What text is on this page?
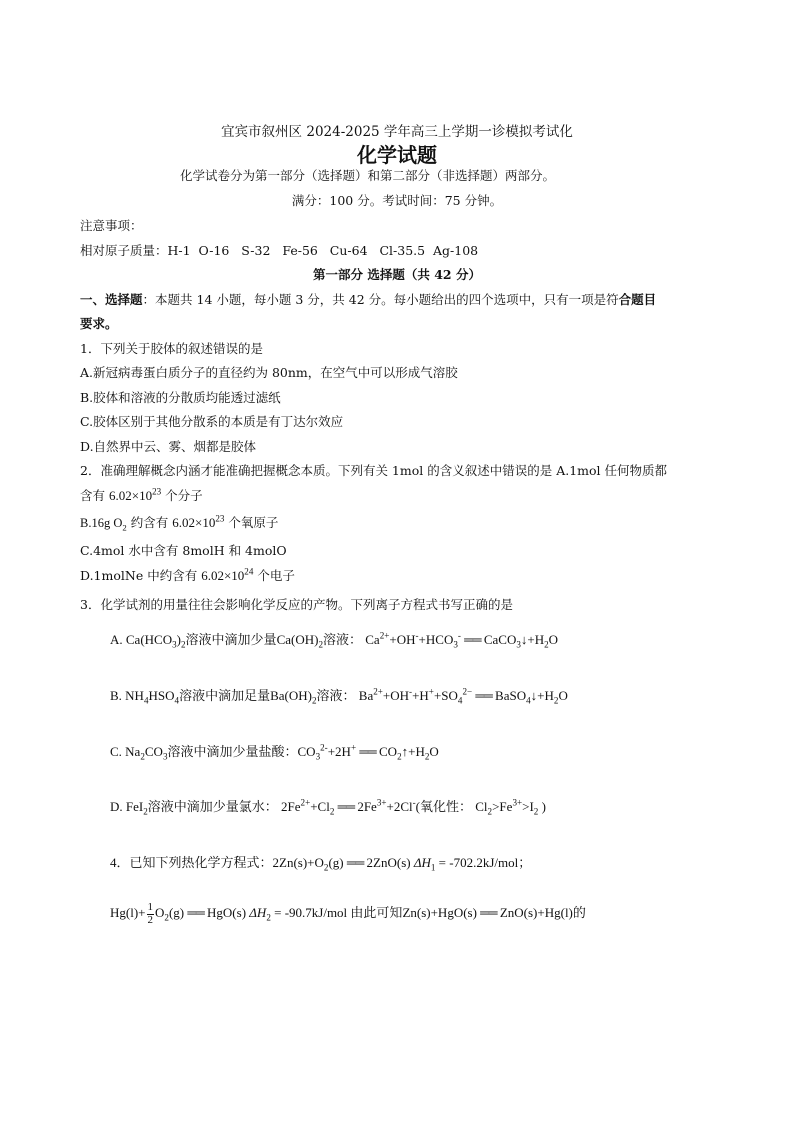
宜宾市叙州区 2024-2025 学年高三上学期一诊模拟考试化
化学试题
化学试卷分为第一部分（选择题）和第二部分（非选择题）两部分。
满分：100 分。考试时间：75 分钟。
注意事项：
相对原子质量：H-1  O-16   S-32   Fe-56   Cu-64   Cl-35.5  Ag-108
第一部分 选择题（共 42 分）
一、选择题：本题共 14 小题，每小题 3 分，共 42 分。每小题给出的四个选项中，只有一项是符合题目
要求。
1．下列关于胶体的叙述错误的是
A.新冠病毒蛋白质分子的直径约为 80nm，在空气中可以形成气溶胶
B.胶体和溶液的分散质均能透过滤纸
C.胶体区别于其他分散系的本质是有丁达尔效应
D.自然界中云、雾、烟都是胶体
2．准确理解概念内涵才能准确把握概念本质。下列有关 1mol 的含义叙述中错误的是 A.1mol 任何物质都
含有 $6.02\times 10^{23}$ 个分子
B.16g $O_2$ 约含有 $6.02\times 10^{23}$ 个氧原子
C.4mol 水中含有 8molH 和 4molO
D.1molNe 中约含有 $6.02\times 10^{24}$ 个电子
3．化学试剂的用量往往会影响化学反应的产物。下列离子方程式书写正确的是
A. $Ca(HCO_3)_2$溶液中滴加少量$Ca(OH)_2$溶液： $Ca^{2+}+OH^-+HCO_3^-$ ══ $CaCO_3↓+H_2O$
B. $NH_4HSO_4$溶液中滴加足量$Ba(OH)_2$溶液： $Ba^{2+}+OH^-+H^++SO_4^{2-}$ ══ $BaSO_4↓+H_2O$
C. $Na_2CO_3$溶液中滴加少量盐酸：$CO_3^{2-}+2H^+$ ══ $CO_2↑+H_2O$
D. FeI$_2$溶液中滴加少量氯水： $2Fe^{2+}+Cl_2$ ══ $2Fe^{3+}+2Cl^-$(氧化性： $Cl_2>Fe^{3+}>I_2$ )
4．已知下列热化学方程式：$2Zn(s)+O_2(g)$ ══ 2ZnO(s) $\Delta H_1 = -702.2kJ/mol$；
$Hg(l)+ \frac{1}{2} O_2(g)$ ══ HgO(s) $\Delta H_2 = -90.7kJ/mol$ 由此可知Zn(s)+HgO(s) ══ ZnO(s)+Hg(l)的
